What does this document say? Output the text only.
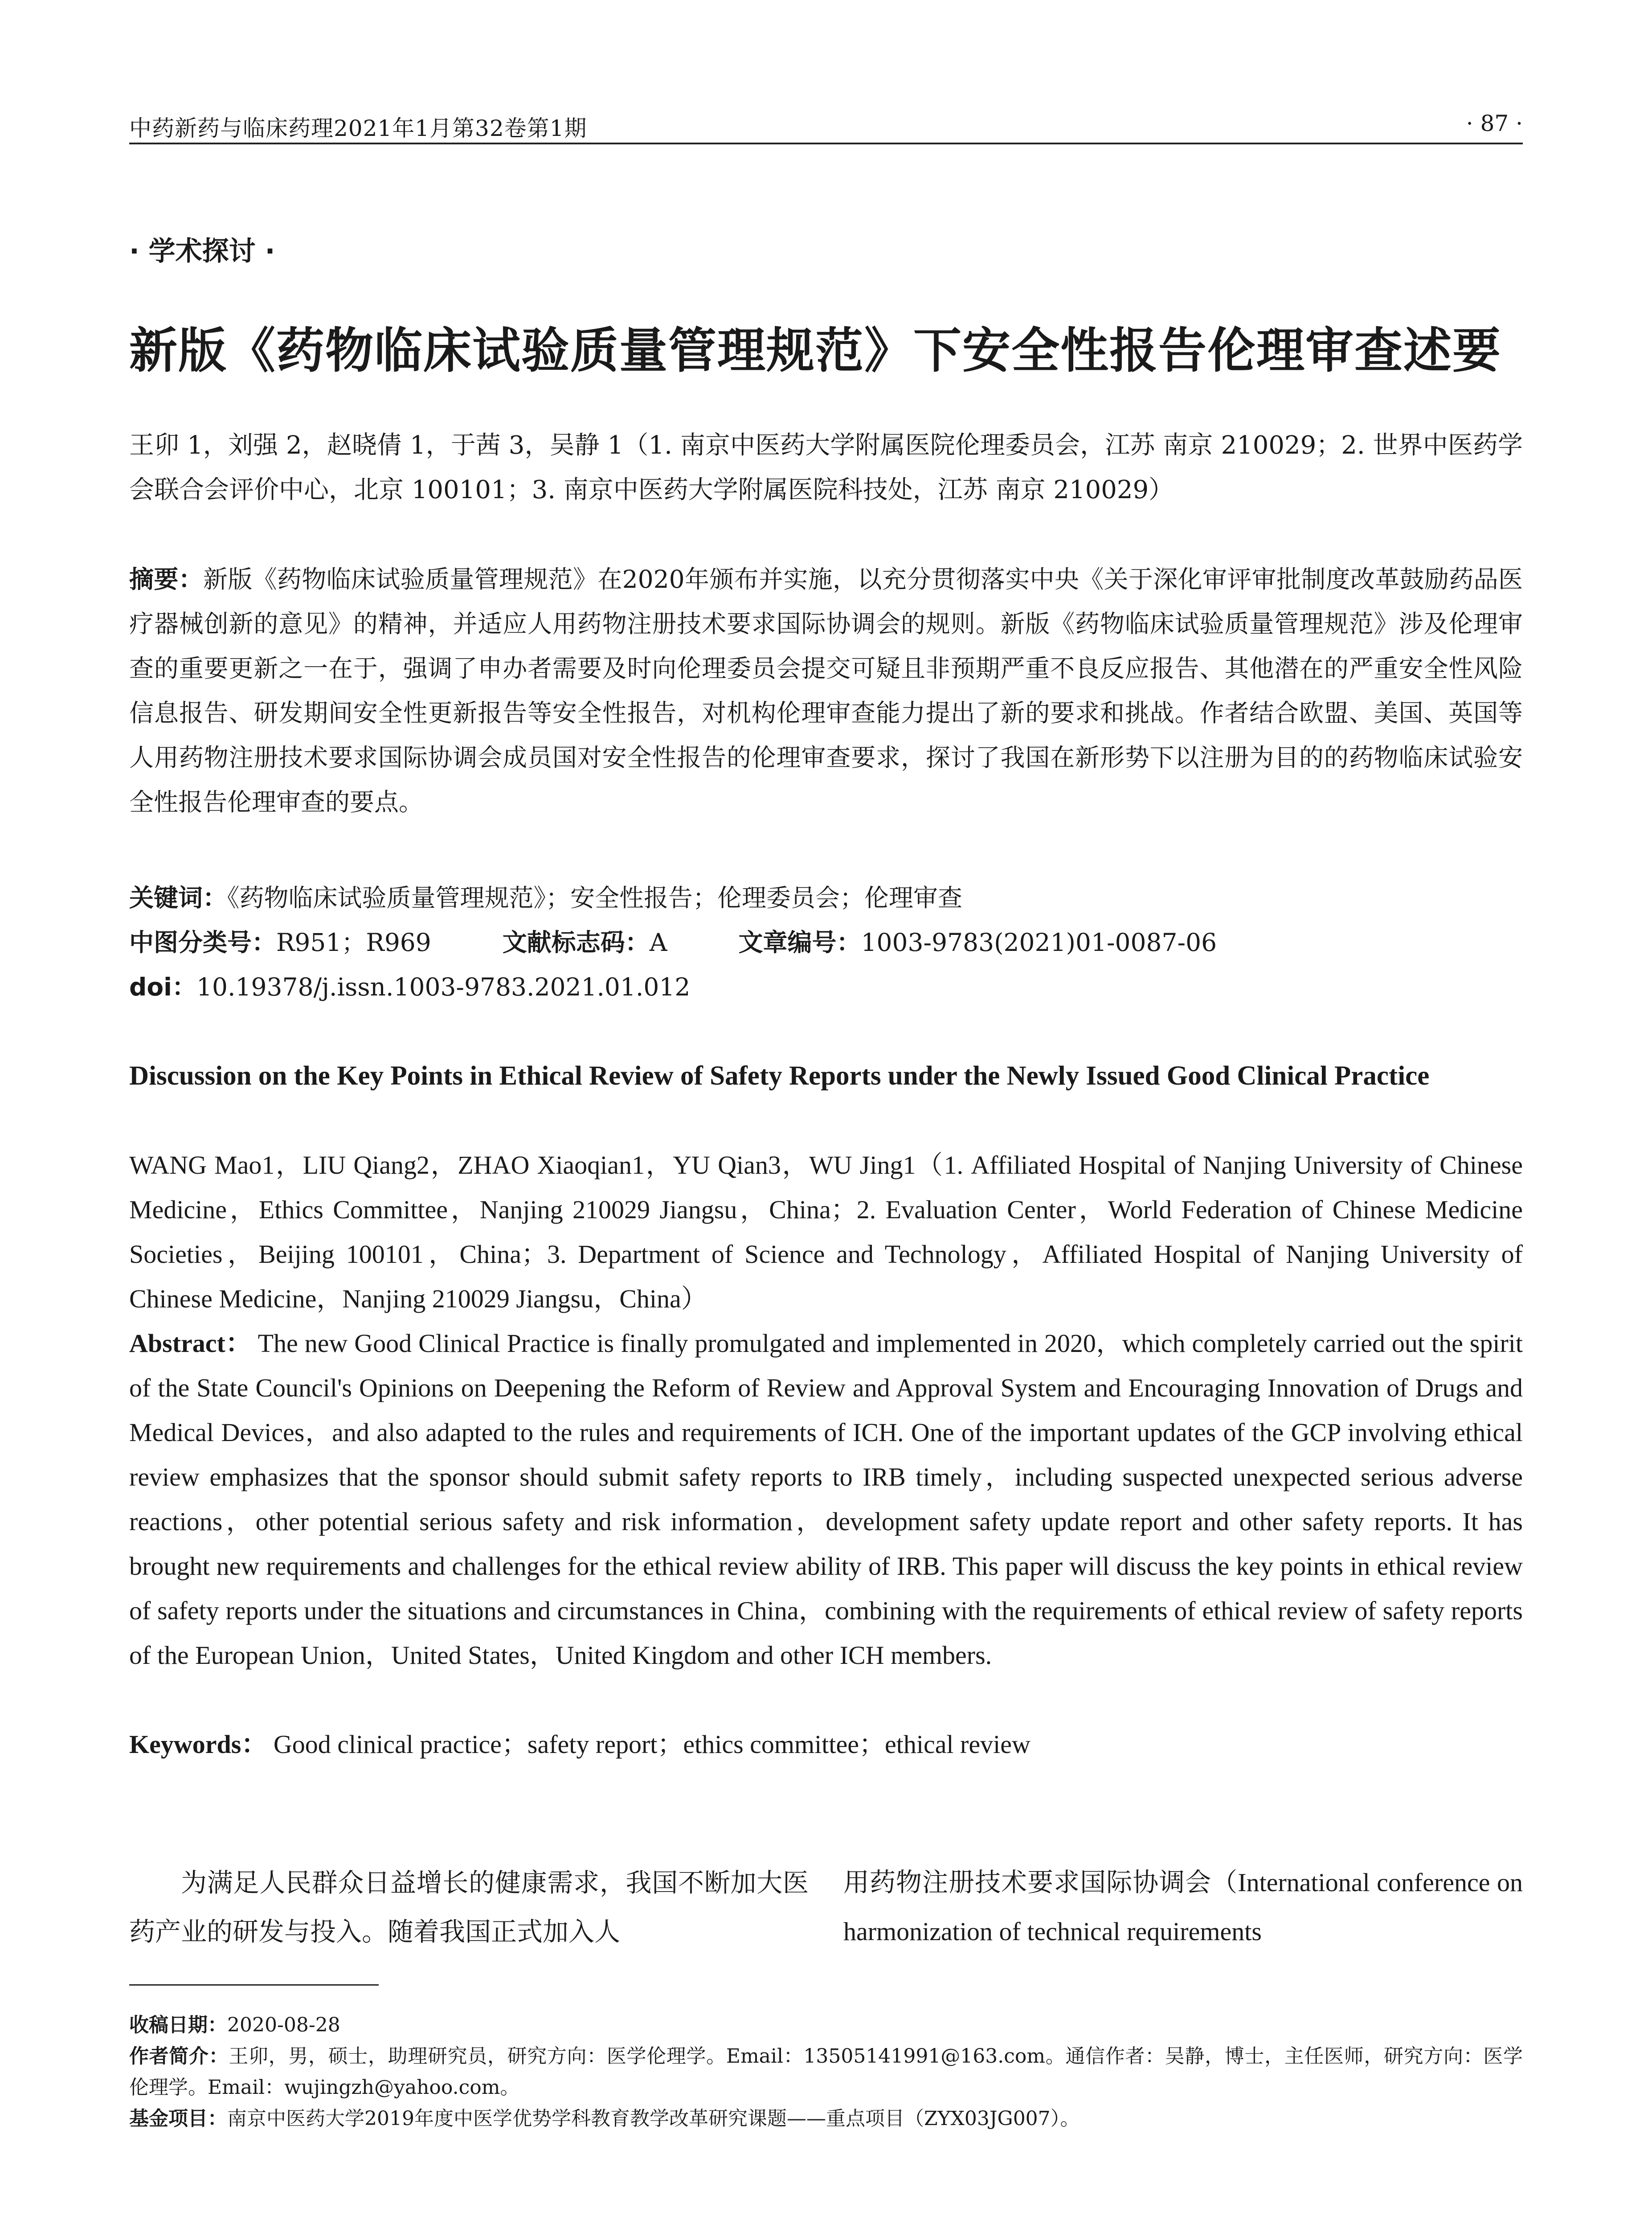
中药新药与临床药理2021年1月第32卷第1期	· 87 ·
· 学术探讨 ·
新版《药物临床试验质量管理规范》下安全性报告伦理审查述要
王卯 1，刘强 2，赵晓倩 1，于茜 3，吴静 1（1. 南京中医药大学附属医院伦理委员会，江苏 南京 210029；2. 世界中医药学会联合会评价中心，北京 100101；3. 南京中医药大学附属医院科技处，江苏 南京 210029）
摘要：新版《药物临床试验质量管理规范》在2020年颁布并实施，以充分贯彻落实中央《关于深化审评审批制度改革鼓励药品医疗器械创新的意见》的精神，并适应人用药物注册技术要求国际协调会的规则。新版《药物临床试验质量管理规范》涉及伦理审查的重要更新之一在于，强调了申办者需要及时向伦理委员会提交可疑且非预期严重不良反应报告、其他潜在的严重安全性风险信息报告、研发期间安全性更新报告等安全性报告，对机构伦理审查能力提出了新的要求和挑战。作者结合欧盟、美国、英国等人用药物注册技术要求国际协调会成员国对安全性报告的伦理审查要求，探讨了我国在新形势下以注册为目的的药物临床试验安全性报告伦理审查的要点。
关键词：《药物临床试验质量管理规范》；安全性报告；伦理委员会；伦理审查
中图分类号：R951；R969	文献标志码：A	文章编号：1003-9783(2021)01-0087-06
doi：10.19378/j.issn.1003-9783.2021.01.012
Discussion on the Key Points in Ethical Review of Safety Reports under the Newly Issued Good Clinical Practice
WANG Mao1，LIU Qiang2，ZHAO Xiaoqian1，YU Qian3，WU Jing1（1. Affiliated Hospital of Nanjing University of Chinese Medicine，Ethics Committee，Nanjing 210029 Jiangsu，China；2. Evaluation Center，World Federation of Chinese Medicine Societies，Beijing 100101，China；3. Department of Science and Technology，Affiliated Hospital of Nanjing University of Chinese Medicine，Nanjing 210029 Jiangsu，China）
Abstract： The new Good Clinical Practice is finally promulgated and implemented in 2020，which completely carried out the spirit of the State Council's Opinions on Deepening the Reform of Review and Approval System and Encouraging Innovation of Drugs and Medical Devices，and also adapted to the rules and requirements of ICH. One of the important updates of the GCP involving ethical review emphasizes that the sponsor should submit safety reports to IRB timely，including suspected unexpected serious adverse reactions，other potential serious safety and risk information，development safety update report and other safety reports. It has brought new requirements and challenges for the ethical review ability of IRB. This paper will discuss the key points in ethical review of safety reports under the situations and circumstances in China，combining with the requirements of ethical review of safety reports of the European Union，United States，United Kingdom and other ICH members.
Keywords： Good clinical practice；safety report；ethics committee；ethical review
为满足人民群众日益增长的健康需求，我国不断加大医药产业的研发与投入。随着我国正式加入人
用药物注册技术要求国际协调会（International conference on harmonization of technical requirements
收稿日期：2020-08-28
作者简介：王卯，男，硕士，助理研究员，研究方向：医学伦理学。Email：13505141991@163.com。通信作者：吴静，博士，主任医师，研究方向：医学伦理学。Email：wujingzh@yahoo.com。
基金项目：南京中医药大学2019年度中医学优势学科教育教学改革研究课题——重点项目（ZYX03JG007）。
